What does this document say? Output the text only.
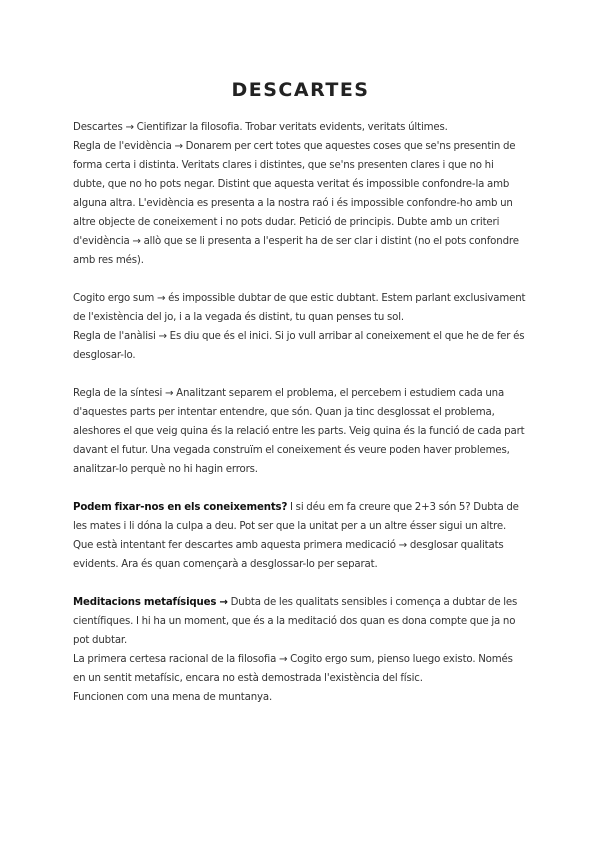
DESCARTES

Descartes → Cientifizar la filosofia. Trobar veritats evidents, veritats últimes.

Regla de l'evidència → Donarem per cert totes que aquestes coses que se'ns presentin de forma certa i distinta. Veritats clares i distintes, que se'ns presenten clares i que no hi dubte, que no ho pots negar. Distint que aquesta veritat és impossible confondre-la amb alguna altra. L'evidència es presenta a la nostra raó i és impossible confondre-ho amb un altre objecte de coneixement i no pots dudar. Petició de principis. Dubte amb un criteri d'evidència → allò que se li presenta a l'esperit ha de ser clar i distint (no el pots confondre amb res més).

Cogito ergo sum → és impossible dubtar de que estic dubtant. Estem parlant exclusivament de l'existència del jo, i a la vegada és distint, tu quan penses tu sol.

Regla de l'anàlisi → Es diu que és el inici. Si jo vull arribar al coneixement el que he de fer és desglosar-lo.

Regla de la síntesi → Analitzant separem el problema, el percebem i estudiem cada una d'aquestes parts per intentar entendre, que són. Quan ja tinc desglossat el problema, aleshores el que veig quina és la relació entre les parts. Veig quina és la funció de cada part davant el futur. Una vegada construïm el coneixement és veure poden haver problemes, analitzar-lo perquè no hi hagin errors.

Podem fixar-nos en els coneixements? I si déu em fa creure que 2+3 són 5? Dubta de les mates i li dóna la culpa a deu. Pot ser que la unitat per a un altre ésser sigui un altre. Que està intentant fer descartes amb aquesta primera medicació → desglosar qualitats evidents. Ara és quan començarà a desglossar-lo per separat.

Meditacions metafísiques → Dubta de les qualitats sensibles i comença a dubtar de les científiques. I hi ha un moment, que és a la meditació dos quan es dona compte que ja no pot dubtar.

La primera certesa racional de la filosofia → Cogito ergo sum, pienso luego existo. Només en un sentit metafísic, encara no està demostrada l'existència del físic.

Funcionen com una mena de muntanya.
